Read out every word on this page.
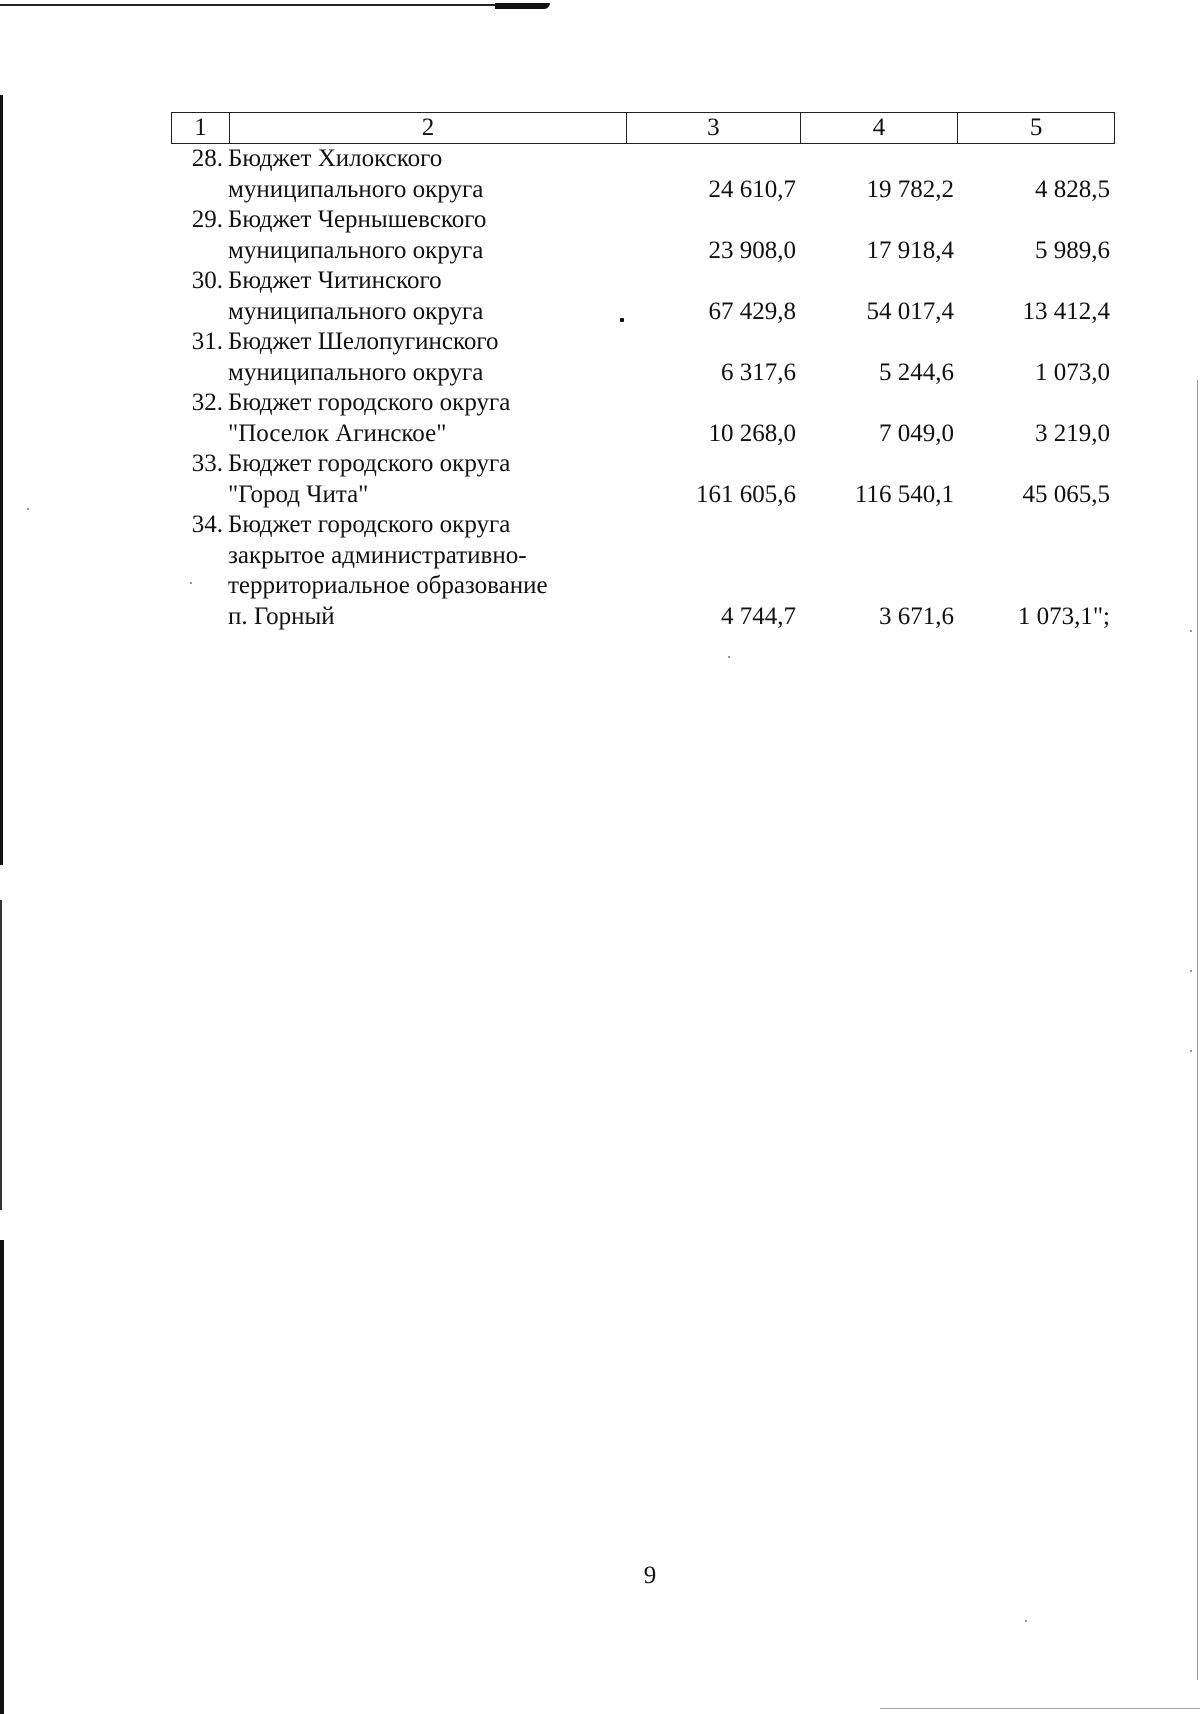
1	2	3	4	5
28. Бюджет Хилокского
муниципального округа	24 610,7	19 782,2	4 828,5
29. Бюджет Чернышевского
муниципального округа	23 908,0	17 918,4	5 989,6
30. Бюджет Читинского
муниципального округа	67 429,8	54 017,4	13 412,4
31. Бюджет Шелопугинского
муниципального округа	6 317,6	5 244,6	1 073,0
32. Бюджет городского округа
"Поселок Агинское"	10 268,0	7 049,0	3 219,0
33. Бюджет городского округа
"Город Чита"	161 605,6	116 540,1	45 065,5
34. Бюджет городского округа
закрытое административно-
территориальное образование
п. Горный	4 744,7	3 671,6	1 073,1";
9
